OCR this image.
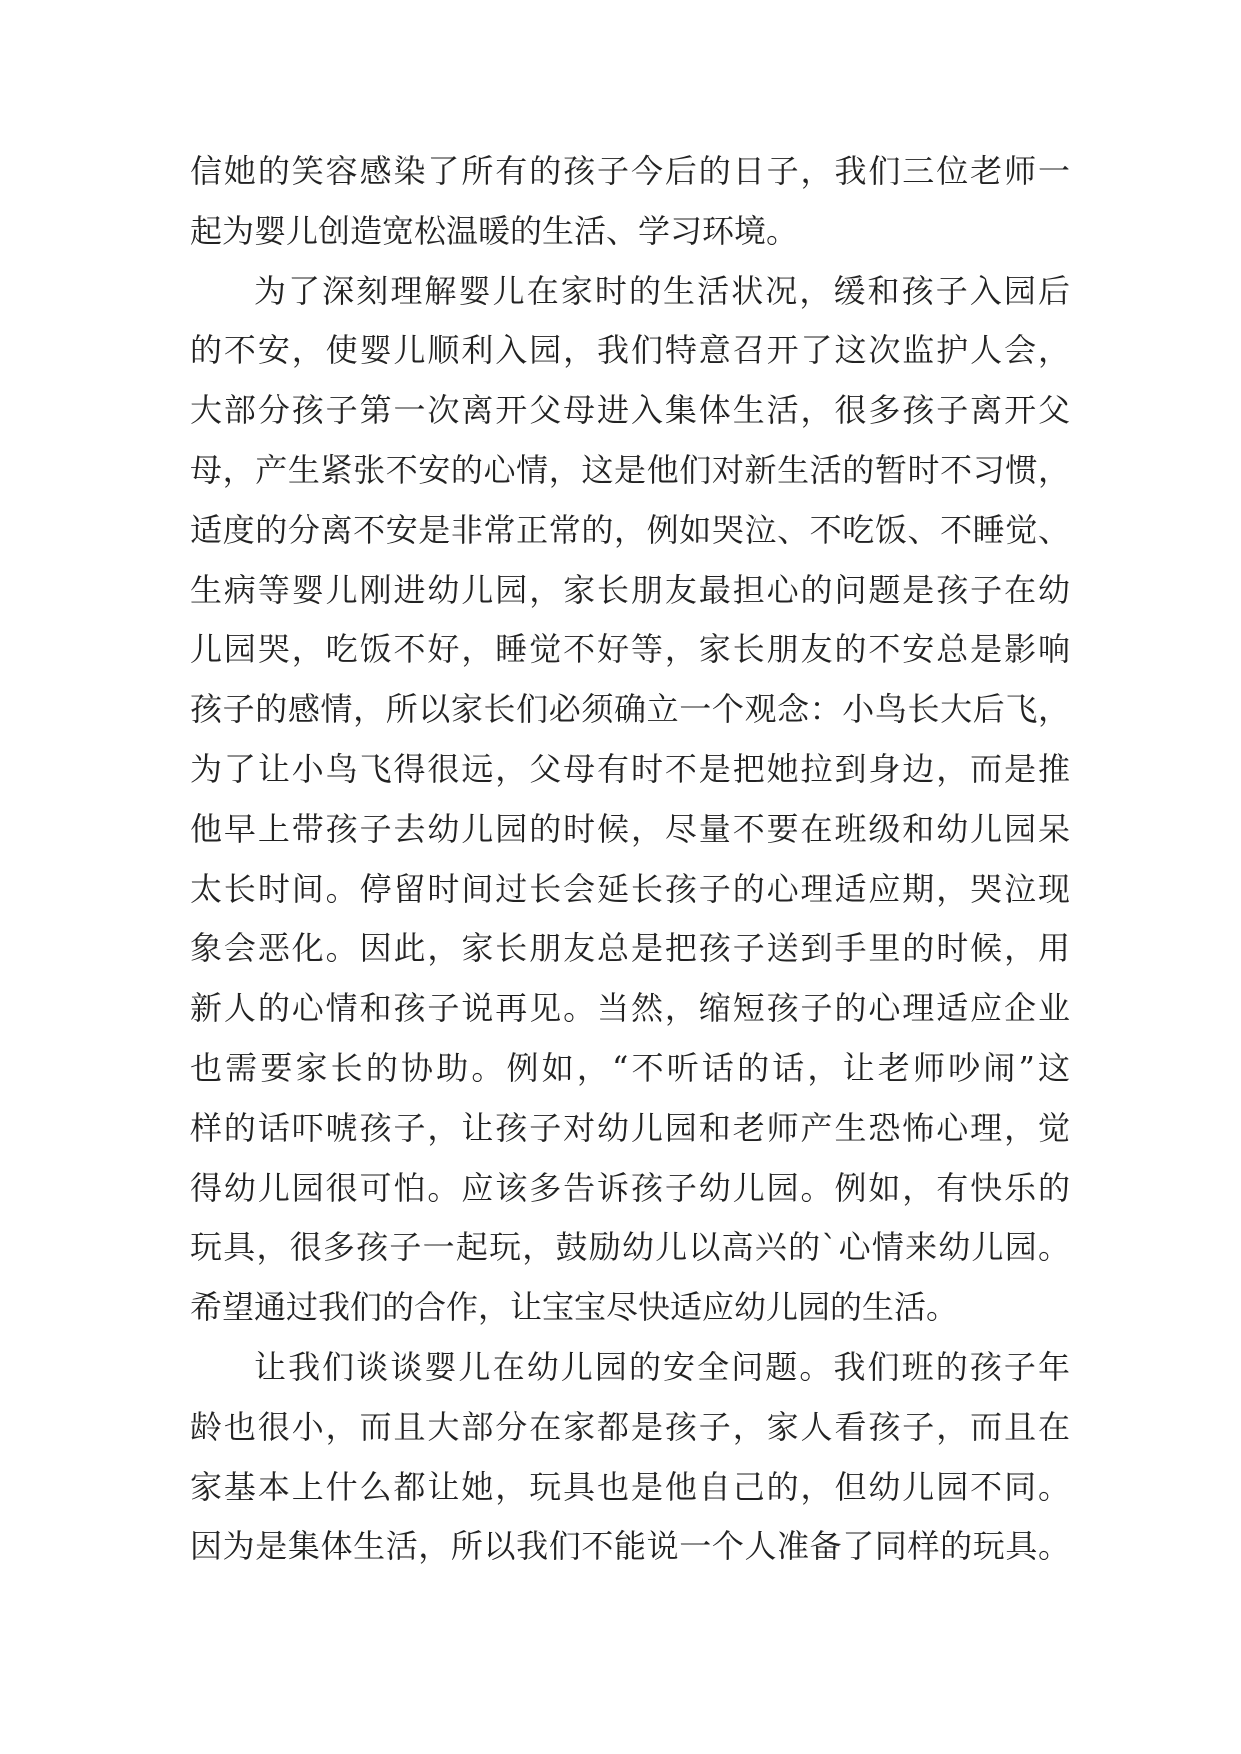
信她的笑容感染了所有的孩子今后的日子，我们三位老师一
起为婴儿创造宽松温暖的生活、学习环境。
为了深刻理解婴儿在家时的生活状况，缓和孩子入园后
的不安，使婴儿顺利入园，我们特意召开了这次监护人会，
大部分孩子第一次离开父母进入集体生活，很多孩子离开父
母，产生紧张不安的心情，这是他们对新生活的暂时不习惯，
适度的分离不安是非常正常的，例如哭泣、不吃饭、不睡觉、
生病等婴儿刚进幼儿园，家长朋友最担心的问题是孩子在幼
儿园哭，吃饭不好，睡觉不好等，家长朋友的不安总是影响
孩子的感情，所以家长们必须确立一个观念：小鸟长大后飞，
为了让小鸟飞得很远，父母有时不是把她拉到身边，而是推
他早上带孩子去幼儿园的时候，尽量不要在班级和幼儿园呆
太长时间。停留时间过长会延长孩子的心理适应期，哭泣现
象会恶化。因此，家长朋友总是把孩子送到手里的时候，用
新人的心情和孩子说再见。当然，缩短孩子的心理适应企业
也需要家长的协助。例如，“不听话的话，让老师吵闹”这
样的话吓唬孩子，让孩子对幼儿园和老师产生恐怖心理，觉
得幼儿园很可怕。应该多告诉孩子幼儿园。例如，有快乐的
玩具，很多孩子一起玩，鼓励幼儿以高兴的`心情来幼儿园。
希望通过我们的合作，让宝宝尽快适应幼儿园的生活。
让我们谈谈婴儿在幼儿园的安全问题。我们班的孩子年
龄也很小，而且大部分在家都是孩子，家人看孩子，而且在
家基本上什么都让她，玩具也是他自己的，但幼儿园不同。
因为是集体生活，所以我们不能说一个人准备了同样的玩具。
